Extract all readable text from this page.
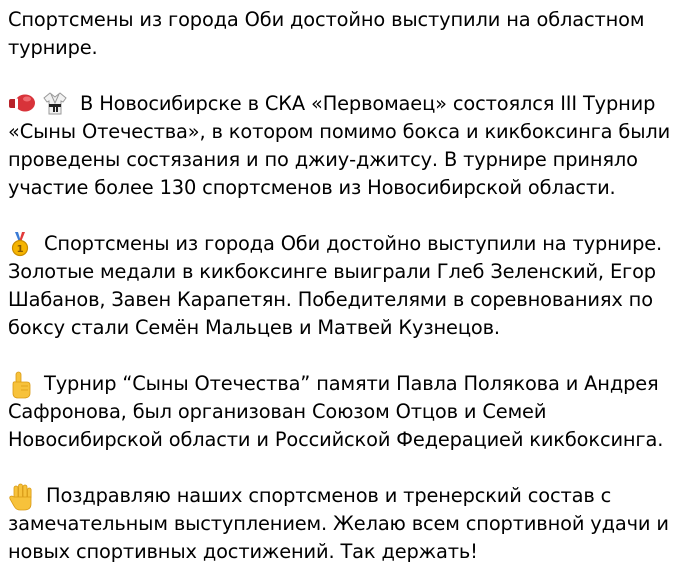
Спортсмены из города Оби достойно выступили на областном турнире.

В Новосибирске в СКА «Первомаец» состоялся III Турнир «Сыны Отечества», в котором помимо бокса и кикбоксинга были проведены состязания и по джиу-джитсу. В турнире приняло участие более 130 спортсменов из Новосибирской области.

1 Спортсмены из города Оби достойно выступили на турнире. Золотые медали в кикбоксинге выиграли Глеб Зеленский, Егор Шабанов, Завен Карапетян. Победителями в соревнованиях по боксу стали Семён Мальцев и Матвей Кузнецов.

Турнир “Сыны Отечества” памяти Павла Полякова и Андрея Сафронова, был организован Союзом Отцов и Семей Новосибирской области и Российской Федерацией кикбоксинга.

Поздравляю наших спортсменов и тренерский состав с замечательным выступлением. Желаю всем спортивной удачи и новых спортивных достижений. Так держать!
